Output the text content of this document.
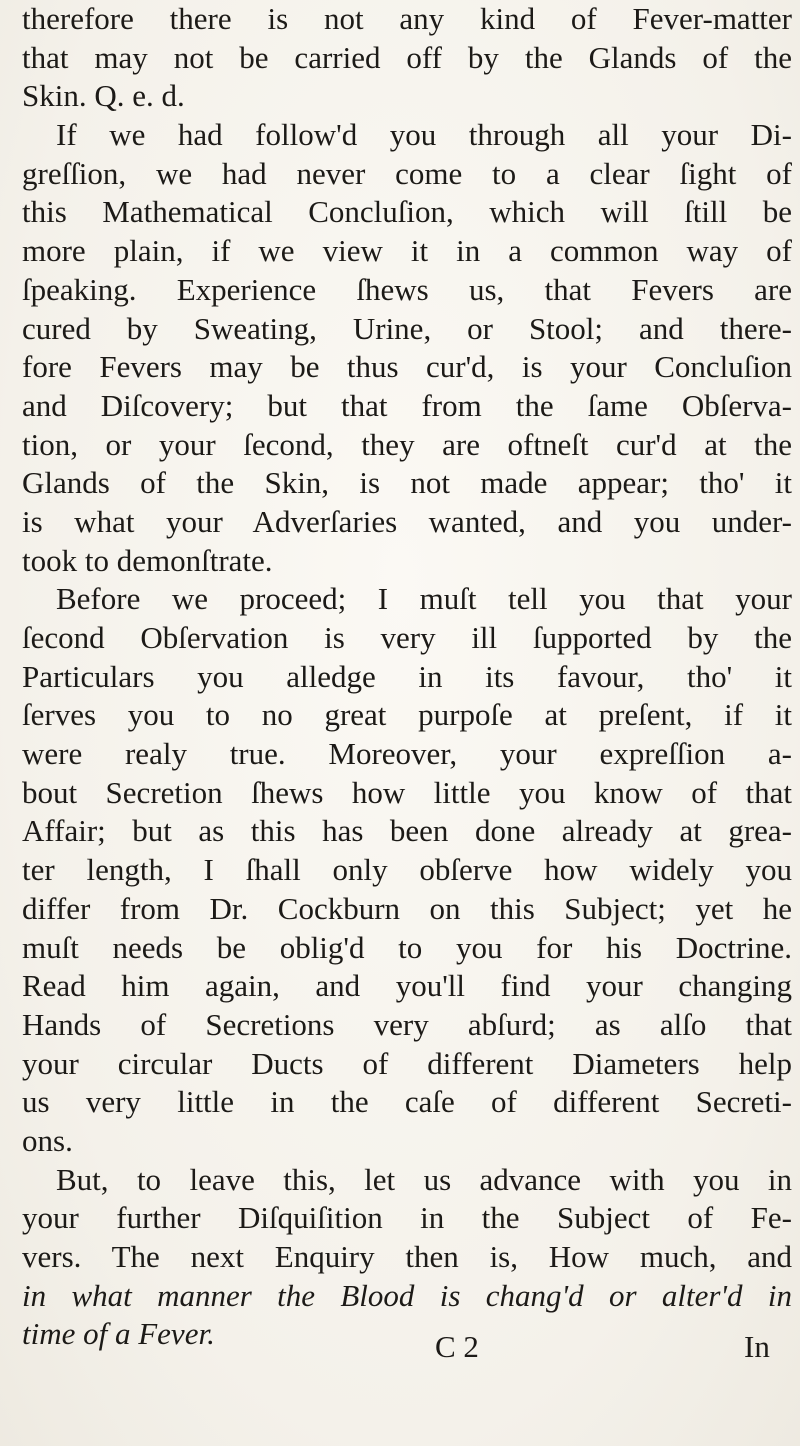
therefore there is not any kind of Fever-matter
that may not be carried off by the Glands of the
Skin. Q. e. d.
If we had follow'd you through all your Di-
greſſion, we had never come to a clear ſight of
this Mathematical Concluſion, which will ſtill be
more plain, if we view it in a common way of
ſpeaking. Experience ſhews us, that Fevers are
cured by Sweating, Urine, or Stool; and there-
fore Fevers may be thus cur'd, is your Concluſion
and Diſcovery; but that from the ſame Obſerva-
tion, or your ſecond, they are oftneſt cur'd at the
Glands of the Skin, is not made appear; tho' it
is what your Adverſaries wanted, and you under-
took to demonſtrate.
Before we proceed; I muſt tell you that your
ſecond Obſervation is very ill ſupported by the
Particulars you alledge in its favour, tho' it
ſerves you to no great purpoſe at preſent, if it
were realy true. Moreover, your expreſſion a-
bout Secretion ſhews how little you know of that
Affair; but as this has been done already at grea-
ter length, I ſhall only obſerve how widely you
differ from Dr. Cockburn on this Subject; yet he
muſt needs be oblig'd to you for his Doctrine.
Read him again, and you'll find your changing
Hands of Secretions very abſurd; as alſo that
your circular Ducts of different Diameters help
us very little in the caſe of different Secreti-
ons.
But, to leave this, let us advance with you in
your further Diſquiſition in the Subject of Fe-
vers. The next Enquiry then is, How much, and
in what manner the Blood is chang'd or alter'd in
time of a Fever.	C 2	In
